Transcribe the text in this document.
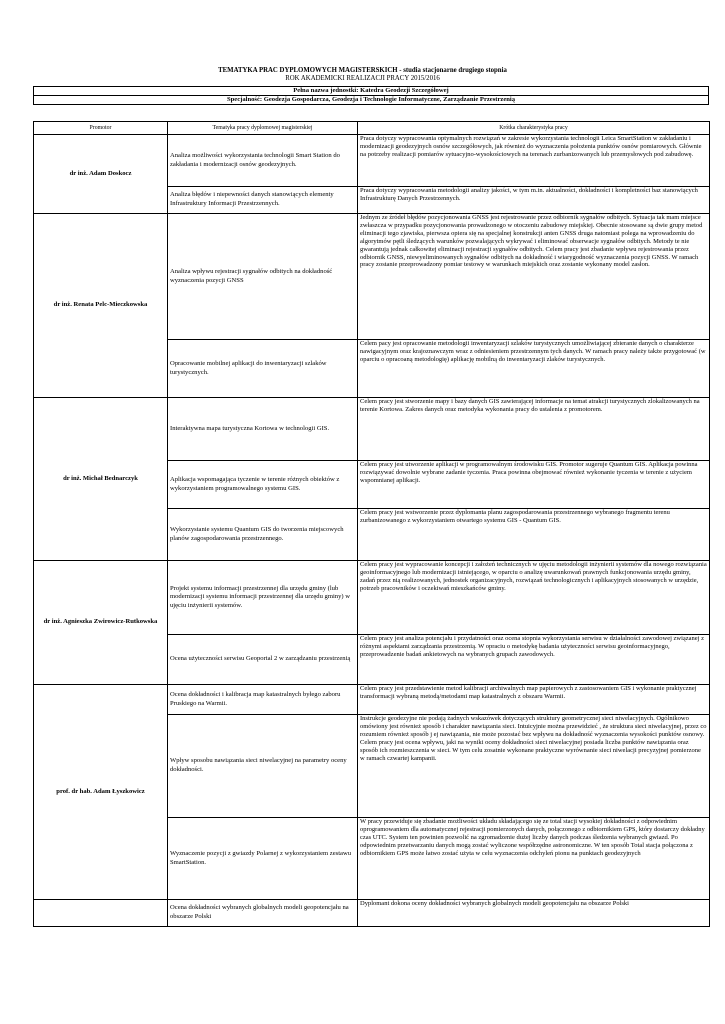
TEMATYKA PRAC DYPLOMOWYCH MAGISTERSKICH - studia stacjonarne drugiego stopnia
ROK AKADEMICKI REALIZACJI PRACY 2015/2016
Pełna nazwa jednostki: Katedra Geodezji Szczegółowej
Specjalność: Geodezja Gospodarcza, Geodezja i Technologie Informatyczne, Zarządzanie Przestrzenią
Promotor	Tematyka pracy dyplomowej magisterskiej	Krótka charakterystyka pracy
dr inż. Adam Doskocz	Analiza możliwości wykorzystania technologii Smart Station do zakładania i modernizacji osnów geodezyjnych.	Praca dotyczy wypracowania optymalnych rozwiązań w zakresie wykorzystania technologii Leica SmartStation w zakładaniu i modernizacji geodezyjnych osnów szczegółowych, jak również do wyznaczenia położenia punktów osnów pomiarowych. Głównie na potrzeby realizacji pomiarów sytuacyjno-wysokościowych na terenach zurbanizowanych lub przemysłowych pod zabudowę.

	Analiza błędów i niepewności danych stanowiących elementy Infrastruktury Informacji Przestrzennych.	Praca dotyczy wypracowania metodologii analizy jakości, w tym m.in. aktualności, dokładności i kompletności baz stanowiących Infrastrukturę Danych Przestrzennych.
dr inż. Renata Pelc-Mieczkowska	Analiza wpływu rejestracji sygnałów odbitych na dokładność wyznaczenia pozycji GNSS	Jednym ze źródeł błędów pozycjonowania GNSS jest rejestrowanie przez odbiornik sygnałów odbitych. Sytuacja tak mam miejsce zwłaszcza w przypadku pozycjonowania prowadzonego w otoczeniu zabudowy miejskiej. Obecnie stosowane są dwie grupy metod eliminacji tego zjawiska, pierwsza opiera się na specjalnej konstrukcji anten GNSS druga natomiast polega na wprowadzeniu do algorytmów pętli śledzących warunków pozwalających wykrywać i eliminować obserwacje sygnałów odbitych. Metody te nie gwarantują jednak całkowitej eliminacji rejestracji sygnałów odbitych. Celem pracy jest zbadanie wpływu rejestrowania przez odbiornik GNSS, niewyeliminowanych sygnałów odbitych na dokładność i wiarygodność wyznaczenia pozycji GNSS. W ramach pracy zostanie przeprowadzony pomiar testowy w warunkach miejskich oraz zostanie wykonany model zasłon.
	Opracowanie mobilnej aplikacji do inwentaryzacji szlaków turystycznych.	Celem pacy jest opracowanie metodologii inwentaryzacji szlaków turystycznych umożliwiającej zbieranie danych o charakterze nawigacyjnym oraz krajoznawczym wraz z odniesieniem przestrzennym tych danych. W ramach pracy należy także przygotować (w oparciu o opracoaną metodologię) aplikację mobilną do inwentaryzacji zlaków turystycznych.
dr inż. Michał Bednarczyk	Interaktywna mapa turystyczna Kortowa w technologii GIS.	Celem pracy jest stworzenie mapy i bazy danych GIS zawierającej informacje na temat atrakcji turystycznych zlokalizowanych na terenie Kortowa. Zakres danych oraz metodyka wykonania pracy do ustalenia z promotorem.
	Aplikacja wspomagająca tyczenie w terenie różnych obiektów z wykorzystaniem programowalnego systemu GIS.	Celem pracy jest utworzenie aplikacji w programowalnym środowisku GIS. Promotor sugeruje Quantum GIS. Aplikacja powinna rozwiązywać dowolnie wybrane zadanie tyczenia. Praca powinna obejmować również wykonanie tyczenia w terenie z użyciem wspomnianej aplikacji.
	Wykorzystanie systemu Quantum GIS do tworzenia miejscowych planów zagospodarowania przestrzennego.	Celem pracy jest wstworzenie przez dyplomanta planu zagospodarowania przestrzennego wybranego fragmentu terenu zurbanizowanego z wykorzystaniem otwartego systemu GIS - Quantum GIS.
dr inż. Agnieszka Zwirowicz-Rutkowska	Projekt systemu informacji przestrzennej dla urzędu gminy (lub modernizacji systemu informacji przestrzennej dla urzędu gminy) w ujęciu inżynierii systemów.	Celem pracy jest wypracowanie koncepcji i założeń technicznych w ujęciu metodologii inżynierii systemów dla nowego rozwiązania geoinformacyjnego lub modernizacji istniejącego, w oparciu o analizę uwarunkowań prawnych funkcjonowania urzędu gminy, zadań przez nią realizowanych, jednostek organizacyjnych, rozwiązań technologicznych i aplikacyjnych stosowanych w urzędzie, potrzeb pracowników i oczekiwań mieszkańców gminy.
	Ocena użyteczności serwisu Geoportal 2 w zarządzaniu przestrzenią	Celem pracy jest analiza potencjału i przydatności oraz ocena stopnia wykorzystania serwisu w działalności zawodowej związanej z różnymi aspektami zarządzania przestrzenią. W opraciu o metodykę badania użyteczności serwisu geoinformacyjnego, przeprowadzenie badań ankietowych na wybranych grupach zawodowych.
prof. dr hab. Adam Łyszkowicz	Ocena dokładności i kalibracja map katastralnych byłego zaboru Pruskiego na Warmii.	Celem pracy jest przedstawienie metod kalibracji archiwalnych map papierowych z zastosowaniem GIS i wykonanie praktycznej transformacji wybraną metodą/metodami map katastralnych z obszaru Warmii.
	Wpływ sposobu nawiązania sieci niwelacyjnej na parametry oceny dokładności.	Instrukcje geodezyjne nie podają żadnych wskazówek dotyczących struktury geometrycznej sieci niwelacyjnych. Ogólnikowo omówiony jest również sposób i charakter nawiązania sieci. Intuicyjnie można przewidzieć , że struktura sieci niwelacyjnej, przez co rozumiem również sposób j ej nawiązania, nie może pozostać bez wpływu na dokładność wyznaczenia wysokości punktów osnowy. Celem pracy jest ocena wpływu, jaki na wyniki oceny dokładności sieci niwelacyjnej posiada liczba punktów nawiązania oraz sposób ich rozmieszczenia w sieci. W tym celu zosatnie wykonane praktyczne wyrównanie sieci niwelacji precyzyjnej pomierzone w ramach czwartej kampanii.
	Wyznaczenie pozycji z gwiazdy Polarnej z wykorzystaniem zestawu SmartStation.	W pracy przewiduje się zbadanie możliwości układu składającego się ze total stacji wysokiej dokładności z odpowiednim oprogramowaniem dla automatycznej rejestracji pomierzonych danych, połączonego z odbiornikiem GPS, który dostarczy dokładny czas UTC. System ten powinien pozwolić na zgromadzenie dużej liczby danych podczas śledzenia wybranych gwiazd. Po odpowiednim przetwarzaniu danych mogą zostać wyliczone współrzędne astronomiczne. W ten sposób Total stacja połączona z odbiornikiem GPS może łatwo zostać użyta w celu wyznaczenia odchyleń pionu na punktach geodezyjnych
	Ocena dokładności wybranych globalnych modeli geopotencjału na obszarze Polski	Dyplomant dokona oceny dokładności wybranych globalnych modeli geopotencjału na obszarze Polski
